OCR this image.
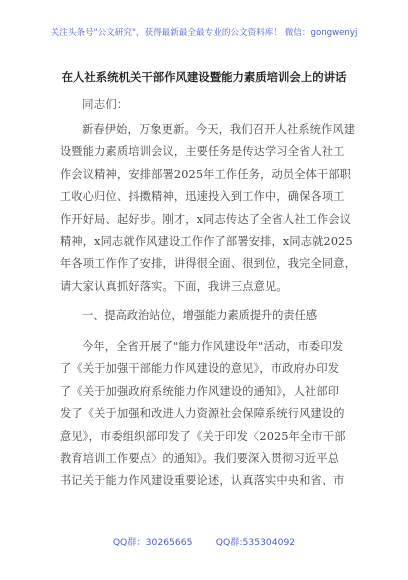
关注头条号"公文研究"，获得最新最全最专业的公文资料库！ 微信：gongwenyj
在人社系统机关干部作风建设暨能力素质培训会上的讲话
同志们：
新春伊始，万象更新。今天，我们召开人社系统作风建
设暨能力素质培训会议，主要任务是传达学习全省人社工
作会议精神，安排部署2025年工作任务，动员全体干部职
工收心归位、抖擞精神，迅速投入到工作中，确保各项工
作开好局、起好步。刚才，x同志传达了全省人社工作会议
精神，x同志就作风建设工作作了部署安排，x同志就2025
年各项工作作了安排，讲得很全面、很到位，我完全同意，
请大家认真抓好落实。下面，我讲三点意见。
一、提高政治站位，增强能力素质提升的责任感
今年，全省开展了"能力作风建设年"活动，市委印发
了《关于加强干部能力作风建设的意见》，市政府办印发
了《关于加强政府系统能力作风建设的通知》，人社部印
发了《关于加强和改进人力资源社会保障系统行风建设的
意见》，市委组织部印发了《关于印发〈2025年全市干部
教育培训工作要点〉的通知》。我们要深入贯彻习近平总
书记关于能力作风建设重要论述，认真落实中央和省、市
QQ群：30265665        QQ群:535304092
